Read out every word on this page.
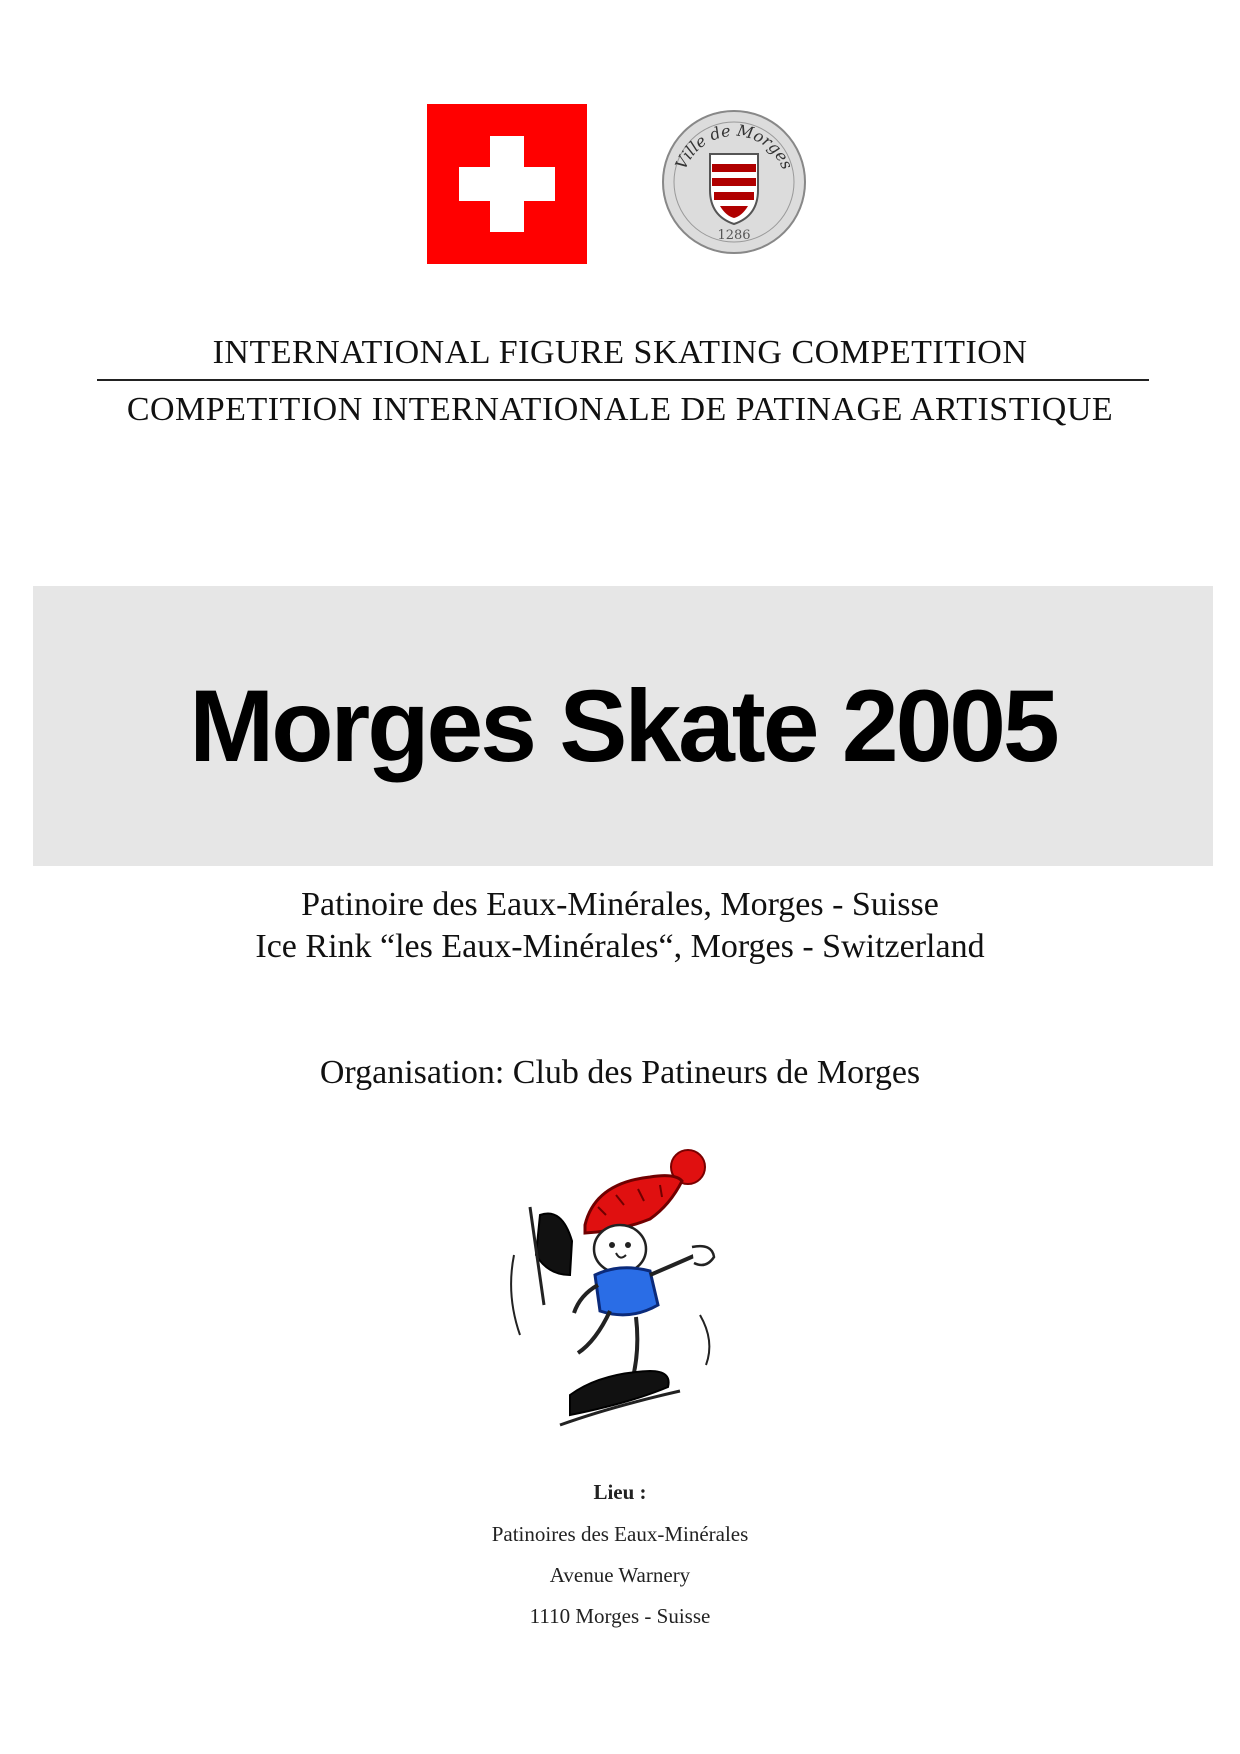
Ville de Morges
1286
INTERNATIONAL FIGURE SKATING COMPETITION
COMPETITION INTERNATIONALE DE PATINAGE ARTISTIQUE
Morges Skate 2005
Patinoire des Eaux-Minérales, Morges - Suisse
Ice Rink “les Eaux-Minérales“, Morges - Switzerland
Organisation: Club des Patineurs de Morges
Lieu :
Patinoires des Eaux-Minérales
Avenue Warnery
1110 Morges - Suisse
